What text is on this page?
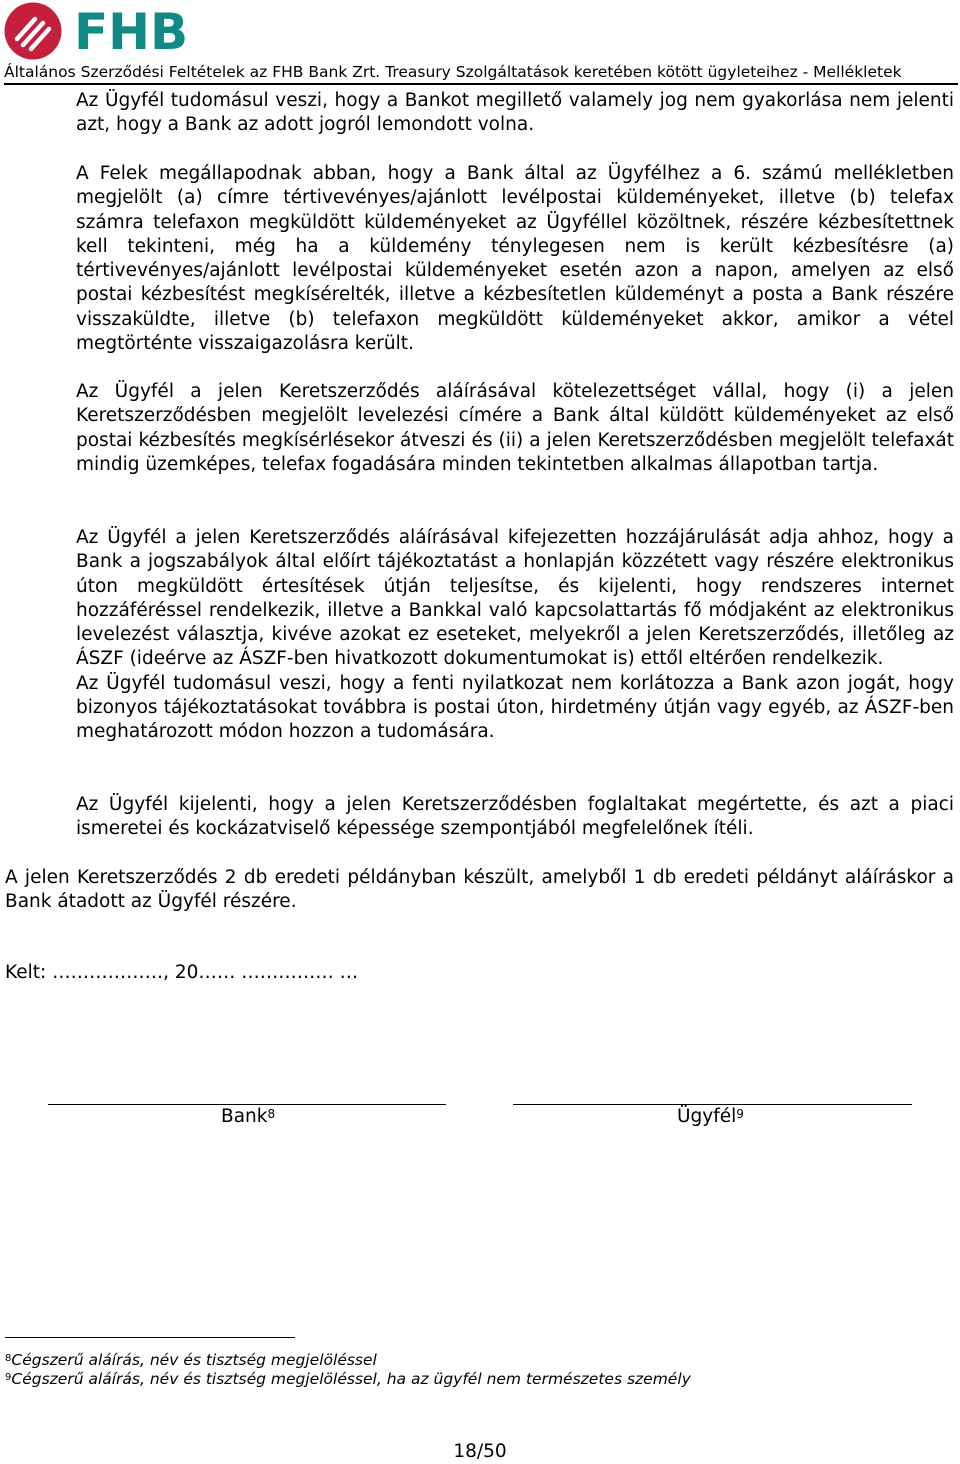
FHB
Általános Szerződési Feltételek az FHB Bank Zrt. Treasury Szolgáltatások keretében kötött ügyleteihez - Mellékletek

Az Ügyfél tudomásul veszi, hogy a Bankot megillető valamely jog nem gyakorlása nem jelenti azt, hogy a Bank az adott jogról lemondott volna.

A Felek megállapodnak abban, hogy a Bank által az Ügyfélhez a 6. számú mellékletben megjelölt (a) címre tértivevényes/ajánlott levélpostai küldeményeket, illetve (b) telefax számra telefaxon megküldött küldeményeket az Ügyféllel közöltnek, részére kézbesítettnek kell tekinteni, még ha a küldemény ténylegesen nem is került kézbesítésre (a) tértivevényes/ajánlott levélpostai küldeményeket esetén azon a napon, amelyen az első postai kézbesítést megkísérelték, illetve a kézbesítetlen küldeményt a posta a Bank részére visszaküldte, illetve (b) telefaxon megküldött küldeményeket akkor, amikor a vétel megtörténte visszaigazolásra került.

Az Ügyfél a jelen Keretszerződés aláírásával kötelezettséget vállal, hogy (i) a jelen Keretszerződésben megjelölt levelezési címére a Bank által küldött küldeményeket az első postai kézbesítés megkísérlésekor átveszi és (ii) a jelen Keretszerződésben megjelölt telefaxát mindig üzemképes, telefax fogadására minden tekintetben alkalmas állapotban tartja.

Az Ügyfél a jelen Keretszerződés aláírásával kifejezetten hozzájárulását adja ahhoz, hogy a Bank a jogszabályok által előírt tájékoztatást a honlapján közzétett vagy részére elektronikus úton megküldött értesítések útján teljesítse, és kijelenti, hogy rendszeres internet hozzáféréssel rendelkezik, illetve a Bankkal való kapcsolattartás fő módjaként az elektronikus levelezést választja, kivéve azokat ez eseteket, melyekről a jelen Keretszerződés, illetőleg az ÁSZF (ideérve az ÁSZF-ben hivatkozott dokumentumokat is) ettől eltérően rendelkezik.

Az Ügyfél tudomásul veszi, hogy a fenti nyilatkozat nem korlátozza a Bank azon jogát, hogy bizonyos tájékoztatásokat továbbra is postai úton, hirdetmény útján vagy egyéb, az ÁSZF-ben meghatározott módon hozzon a tudomására.

Az Ügyfél kijelenti, hogy a jelen Keretszerződésben foglaltakat megértette, és azt a piaci ismeretei és kockázatviselő képessége szempontjából megfelelőnek ítéli.

A jelen Keretszerződés 2 db eredeti példányban készült, amelyből 1 db eredeti példányt aláíráskor a Bank átadott az Ügyfél részére.

Kelt: ………………, 20…… …………… …
Bank$^8$	Ügyfél$^9$
$^8$Cégszerű aláírás, név és tisztség megjelöléssel
$^9$Cégszerű aláírás, név és tisztség megjelöléssel, ha az ügyfél nem természetes személy
18/50
